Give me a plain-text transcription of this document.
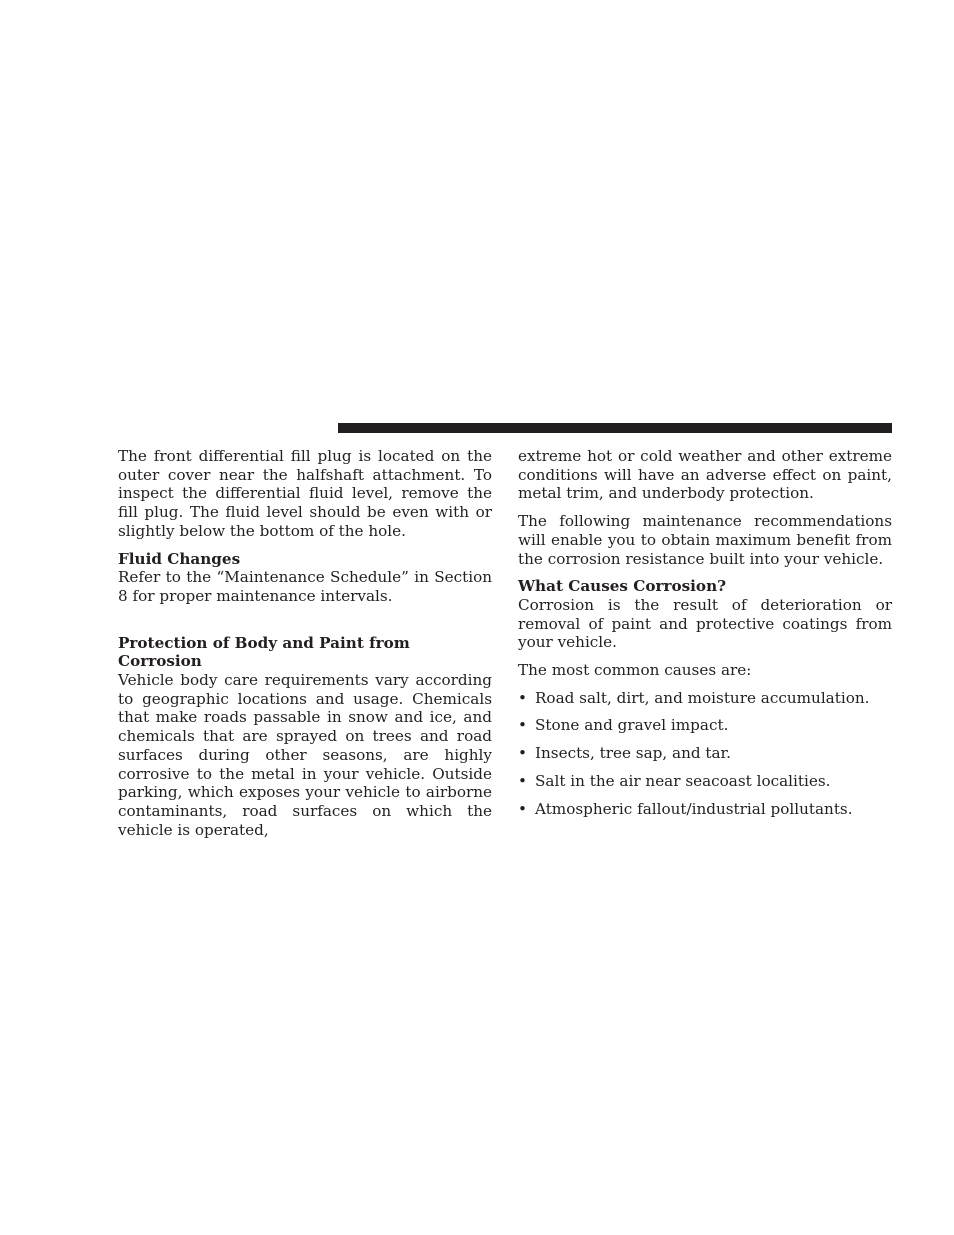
The front differential fill plug is located on the outer cover near the halfshaft attachment. To inspect the differential fluid level, remove the fill plug. The fluid level should be even with or slightly below the bottom of the hole.

Fluid Changes

Refer to the “Maintenance Schedule” in Section 8 for proper maintenance intervals.

Protection of Body and Paint from Corrosion

Vehicle body care requirements vary according to geographic locations and usage. Chemicals that make roads passable in snow and ice, and chemicals that are sprayed on trees and road surfaces during other seasons, are highly corrosive to the metal in your vehicle. Outside parking, which exposes your vehicle to airborne contaminants, road surfaces on which the vehicle is operated,

extreme hot or cold weather and other extreme conditions will have an adverse effect on paint, metal trim, and underbody protection.

The following maintenance recommendations will enable you to obtain maximum benefit from the corrosion resistance built into your vehicle.

What Causes Corrosion?

Corrosion is the result of deterioration or removal of paint and protective coatings from your vehicle.

The most common causes are:

• Road salt, dirt, and moisture accumulation.
• Stone and gravel impact.
• Insects, tree sap, and tar.
• Salt in the air near seacoast localities.
• Atmospheric fallout/industrial pollutants.
